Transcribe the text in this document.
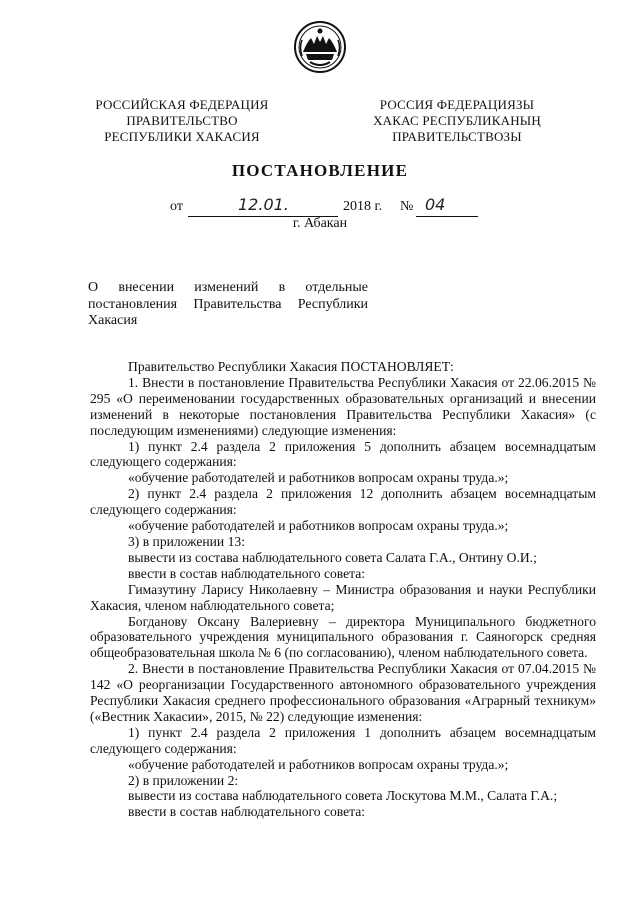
РОССИЙСКАЯ ФЕДЕРАЦИЯ
ПРАВИТЕЛЬСТВО
РЕСПУБЛИКИ ХАКАСИЯ
РОССИЯ ФЕДЕРАЦИЯЗЫ
ХАКАС РЕСПУБЛИКАНЫҢ
ПРАВИТЕЛЬСТВОЗЫ
ПОСТАНОВЛЕНИЕ
от	12.01.	2018 г. № 04
г. Абакан
О внесении изменений в отдельные
постановления Правительства Республики
Хакасия

Правительство Республики Хакасия ПОСТАНОВЛЯЕТ:

1. Внести в постановление Правительства Республики Хакасия от 22.06.2015 № 295 «О переименовании государственных образовательных организаций и внесении изменений в некоторые постановления Правительства Республики Хакасия» (с последующим изменениями) следующие изменения:

1) пункт 2.4 раздела 2 приложения 5 дополнить абзацем восемнадцатым следующего содержания:

«обучение работодателей и работников вопросам охраны труда.»;

2) пункт 2.4 раздела 2 приложения 12 дополнить абзацем восемнадцатым следующего содержания:

«обучение работодателей и работников вопросам охраны труда.»;

3) в приложении 13:

вывести из состава наблюдательного совета Салата Г.А., Онтину О.И.;

ввести в состав наблюдательного совета:

Гимазутину Ларису Николаевну – Министра образования и науки Республики Хакасия, членом наблюдательного совета;

Богданову Оксану Валериевну – директора Муниципального бюджетного образовательного учреждения муниципального образования г. Саяногорск средняя общеобразовательная школа № 6 (по согласованию), членом наблюдательного совета.

2. Внести в постановление Правительства Республики Хакасия от 07.04.2015 № 142 «О реорганизации Государственного автономного образовательного учреждения Республики Хакасия среднего профессионального образования «Аграрный техникум» («Вестник Хакасии», 2015, № 22) следующие изменения:

1) пункт 2.4 раздела 2 приложения 1 дополнить абзацем восемнадцатым следующего содержания:

«обучение работодателей и работников вопросам охраны труда.»;

2) в приложении 2:

вывести из состава наблюдательного совета Лоскутова М.М., Салата Г.А.;

ввести в состав наблюдательного совета:
